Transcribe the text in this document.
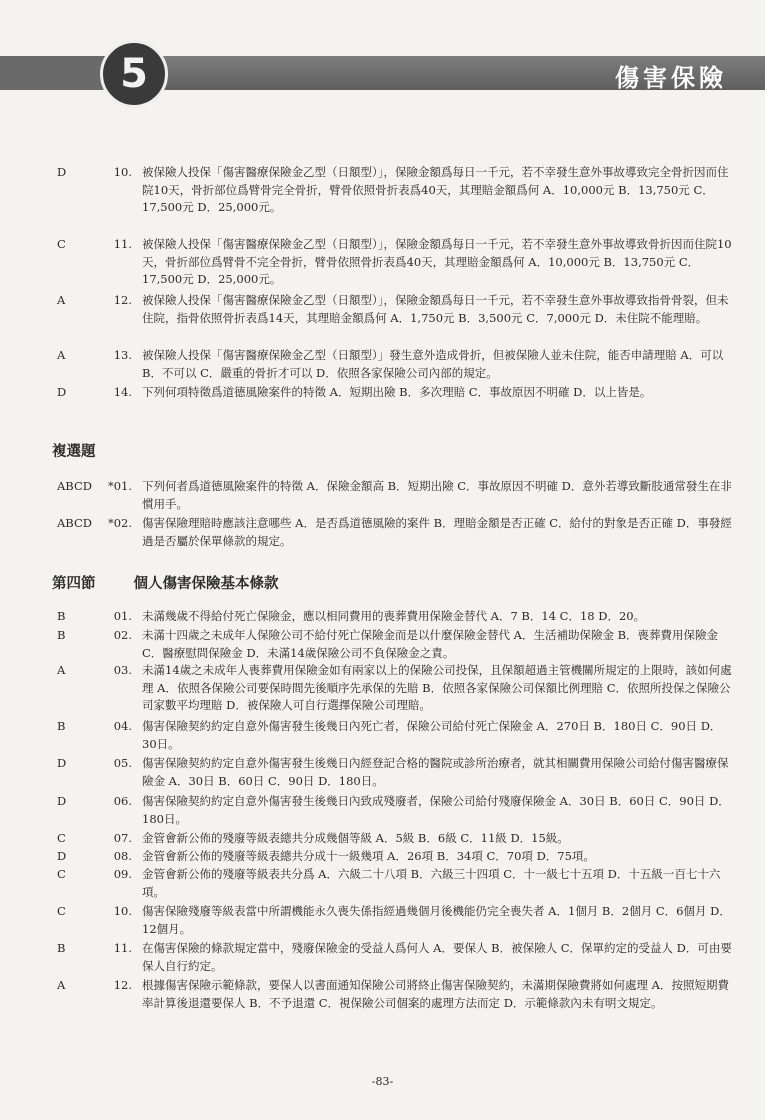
5	傷害保險
D	10. 被保險人投保「傷害醫療保險金乙型（日額型）」，保險金額爲每日一千元，若不幸發生意外事故導致完全骨折因而住院10天，骨折部位爲臂骨完全骨折，臂骨依照骨折表爲40天，其理賠金額爲何 A．10,000元 B．13,750元 C．17,500元 D．25,000元。
C	11. 被保險人投保「傷害醫療保險金乙型（日額型）」，保險金額爲每日一千元，若不幸發生意外事故導致骨折因而住院10天，骨折部位爲臂骨不完全骨折，臂骨依照骨折表爲40天，其理賠金額爲何 A．10,000元 B．13,750元 C．17,500元 D．25,000元。
A	12. 被保險人投保「傷害醫療保險金乙型（日額型）」，保險金額爲每日一千元，若不幸發生意外事故導致指骨骨裂，但未住院，指骨依照骨折表爲14天，其理賠金額爲何 A．1,750元 B．3,500元 C．7,000元 D．未住院不能理賠。
A	13. 被保險人投保「傷害醫療保險金乙型（日額型）」發生意外造成骨折，但被保險人並未住院，能否申請理賠 A．可以 B．不可以 C．嚴重的骨折才可以 D．依照各家保險公司內部的規定。
D	14. 下列何項特徵爲道德風險案件的特徵 A．短期出險 B．多次理賠 C．事故原因不明確 D．以上皆是。
複選題
ABCD	*01. 下列何者爲道德風險案件的特徵 A．保險金額高 B．短期出險 C．事故原因不明確 D．意外若導致斷肢通常發生在非慣用手。
ABCD	*02. 傷害保險理賠時應該注意哪些 A．是否爲道德風險的案件 B．理賠金額是否正確 C．給付的對象是否正確 D．事發經過是否屬於保單條款的規定。
第四節	個人傷害保險基本條款
B	01. 未滿幾歲不得給付死亡保險金，應以相同費用的喪葬費用保險金替代 A．7 B．14 C．18 D．20。
B	02. 未滿十四歲之未成年人保險公司不給付死亡保險金而是以什麼保險金替代 A．生活補助保險金 B．喪葬費用保險金 C．醫療慰問保險金 D．未滿14歲保險公司不負保險金之責。
A	03. 未滿14歲之未成年人喪葬費用保險金如有兩家以上的保險公司投保，且保額超過主管機關所規定的上限時，該如何處理 A．依照各保險公司要保時間先後順序先承保的先賠 B．依照各家保險公司保額比例理賠 C．依照所投保之保險公司家數平均理賠 D．被保險人可自行選擇保險公司理賠。
B	04. 傷害保險契約約定自意外傷害發生後幾日內死亡者，保險公司給付死亡保險金 A．270日 B．180日 C．90日 D．30日。
D	05. 傷害保險契約約定自意外傷害發生後幾日內經登記合格的醫院或診所治療者，就其相關費用保險公司給付傷害醫療保險金 A．30日 B．60日 C．90日 D．180日。
D	06. 傷害保險契約約定自意外傷害發生後幾日內致成殘廢者，保險公司給付殘廢保險金 A．30日 B．60日 C．90日 D．180日。
C	07. 金管會新公佈的殘廢等級表總共分成幾個等級 A．5級 B．6級 C．11級 D．15級。
D	08. 金管會新公佈的殘廢等級表總共分成十一級幾項 A．26項 B．34項 C．70項 D．75項。
C	09. 金管會新公佈的殘廢等級表共分爲 A．六級二十八項 B．六級三十四項 C．十一級七十五項 D．十五級一百七十六項。
C	10. 傷害保險殘廢等級表當中所謂機能永久喪失係指經過幾個月後機能仍完全喪失者 A．1個月 B．2個月 C．6個月 D．12個月。
B	11. 在傷害保險的條款規定當中，殘廢保險金的受益人爲何人 A．要保人 B．被保險人 C．保單約定的受益人 D．可由要保人自行約定。
A	12. 根據傷害保險示範條款，要保人以書面通知保險公司將終止傷害保險契約，未滿期保險費將如何處理 A．按照短期費率計算後退還要保人 B．不予退還 C．視保險公司個案的處理方法而定 D．示範條款內未有明文規定。
-83-
